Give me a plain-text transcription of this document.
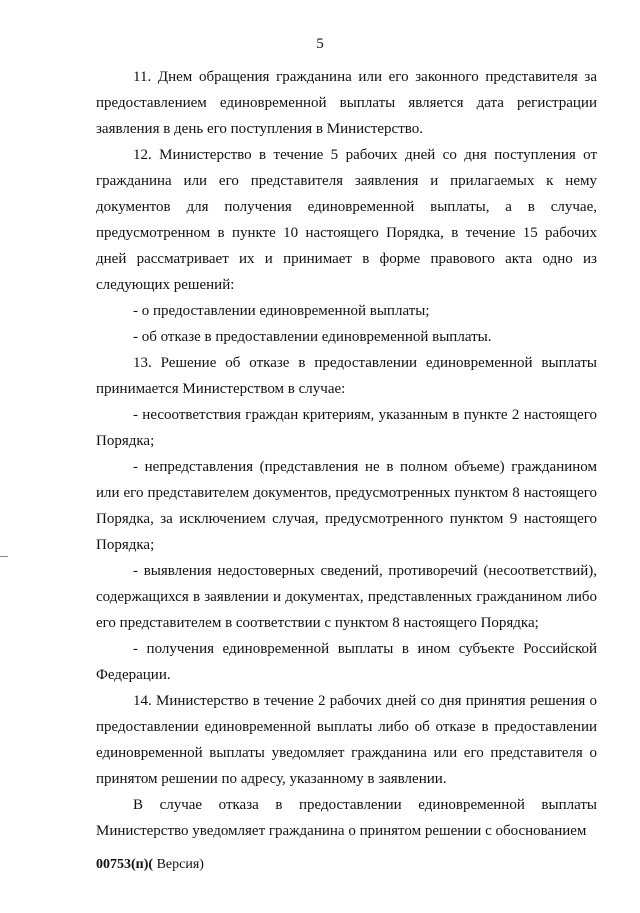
5

11. Днем обращения гражданина или его законного представителя за предоставлением единовременной выплаты является дата регистрации заявления в день его поступления в Министерство.

12. Министерство в течение 5 рабочих дней со дня поступления от гражданина или его представителя заявления и прилагаемых к нему документов для получения единовременной выплаты, а в случае, предусмотренном в пункте 10 настоящего Порядка, в течение 15 рабочих дней рассматривает их и принимает в форме правового акта одно из следующих решений:

- о предоставлении единовременной выплаты;

- об отказе в предоставлении единовременной выплаты.

13. Решение об отказе в предоставлении единовременной выплаты принимается Министерством в случае:

- несоответствия граждан критериям, указанным в пункте 2 настоящего Порядка;

- непредставления (представления не в полном объеме) гражданином или его представителем документов, предусмотренных пунктом 8 настоящего Порядка, за исключением случая, предусмотренного пунктом 9 настоящего Порядка;

- выявления недостоверных сведений, противоречий (несоответствий), содержащихся в заявлении и документах, представленных гражданином либо его представителем в соответствии с пунктом 8 настоящего Порядка;

- получения единовременной выплаты в ином субъекте Российской Федерации.

14. Министерство в течение 2 рабочих дней со дня принятия решения о предоставлении единовременной выплаты либо об отказе в предоставлении единовременной выплаты уведомляет гражданина или его представителя о принятом решении по адресу, указанному в заявлении.

В случае отказа в предоставлении единовременной выплаты Министерство уведомляет гражданина о принятом решении с обоснованием

00753(п)( Версия)
